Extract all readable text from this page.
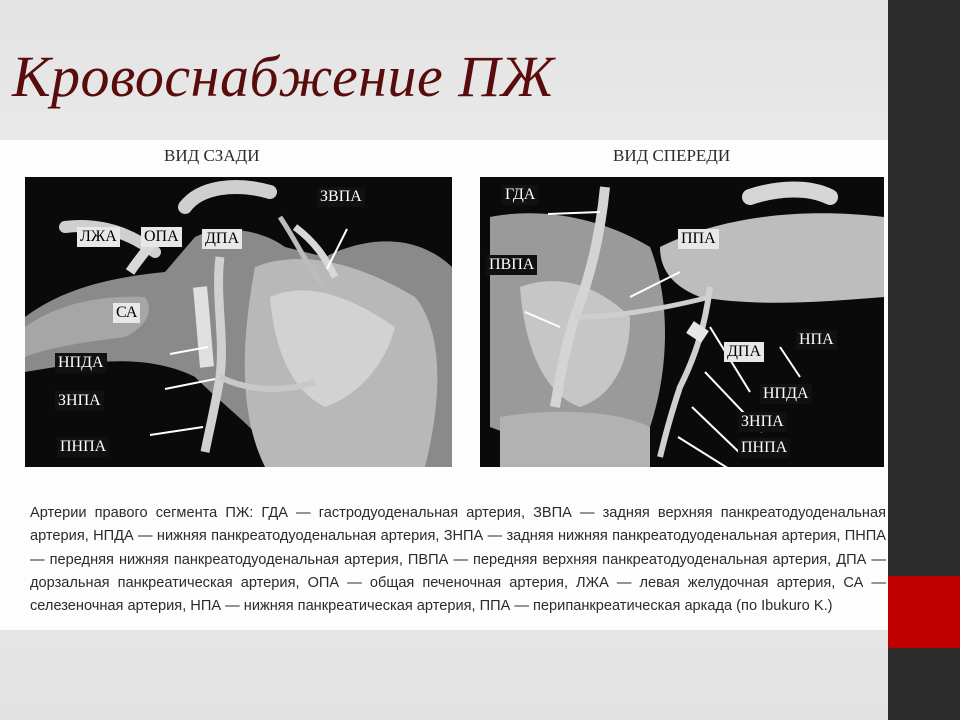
Кровоснабжение ПЖ
ВИД СЗАДИ
ЛЖА ОПА ДПА
ЗВПА
СА
НПДА
ЗНПА
ПНПА
ВИД СПЕРЕДИ
ГДА
ППА
ПВПА
ДПА
НПА
НПДА
ЗНПА
ПНПА

Артерии правого сегмента ПЖ: ГДА — гастродуоденальная артерия, ЗВПА — задняя верхняя панкреатодуоденальная артерия, НПДА — нижняя панкреатодуоденальная артерия, ЗНПА — задняя нижняя панкреатодуоденальная артерия, ПНПА — передняя нижняя панкреатодуоденальная артерия, ПВПА — передняя верхняя панкреатодуоденальная артерия, ДПА — дорзальная панкреатическая артерия, ОПА — общая печеночная артерия, ЛЖА — левая желудочная артерия, СА — селезеночная артерия, НПА — нижняя панкреатическая артерия, ППА — перипанкреатическая аркада (по Ibukuro K.)
